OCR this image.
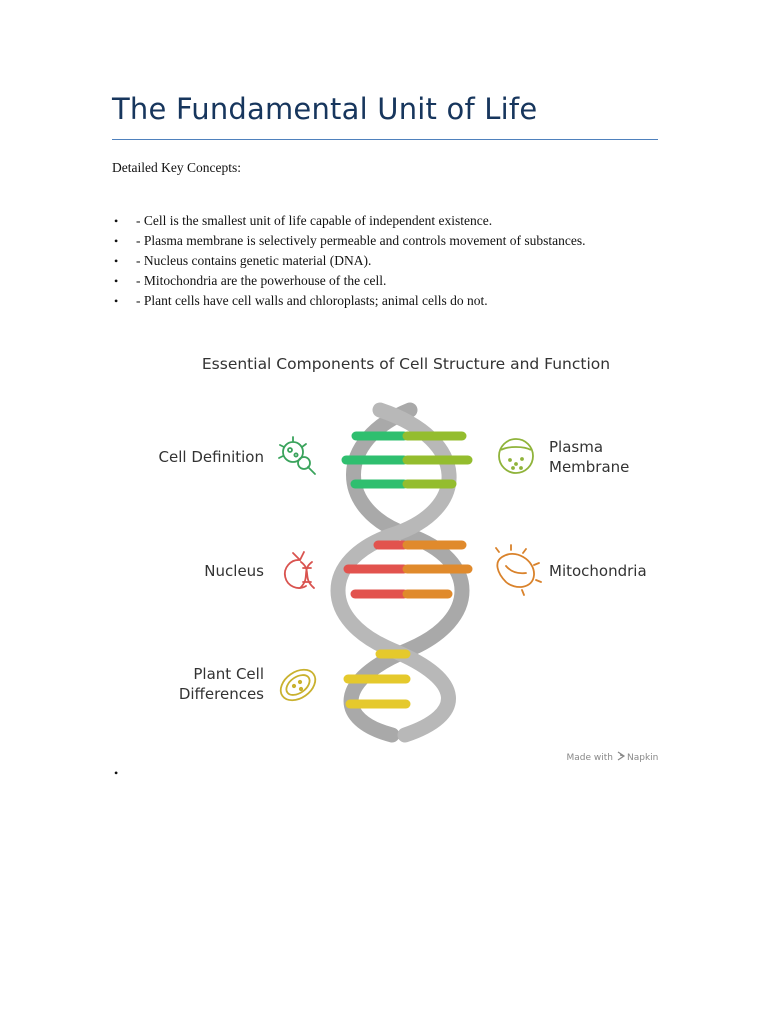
The Fundamental Unit of Life

Detailed Key Concepts:

• - Cell is the smallest unit of life capable of independent existence.
• - Plasma membrane is selectively permeable and controls movement of substances.
• - Nucleus contains genetic material (DNA).
• - Mitochondria are the powerhouse of the cell.
• - Plant cells have cell walls and chloroplasts; animal cells do not.
Essential Components of Cell Structure and Function
Cell Definition
Plasma
Membrane
Nucleus	Mitochondria
Plant Cell
Differences
Made with Napkin
•
